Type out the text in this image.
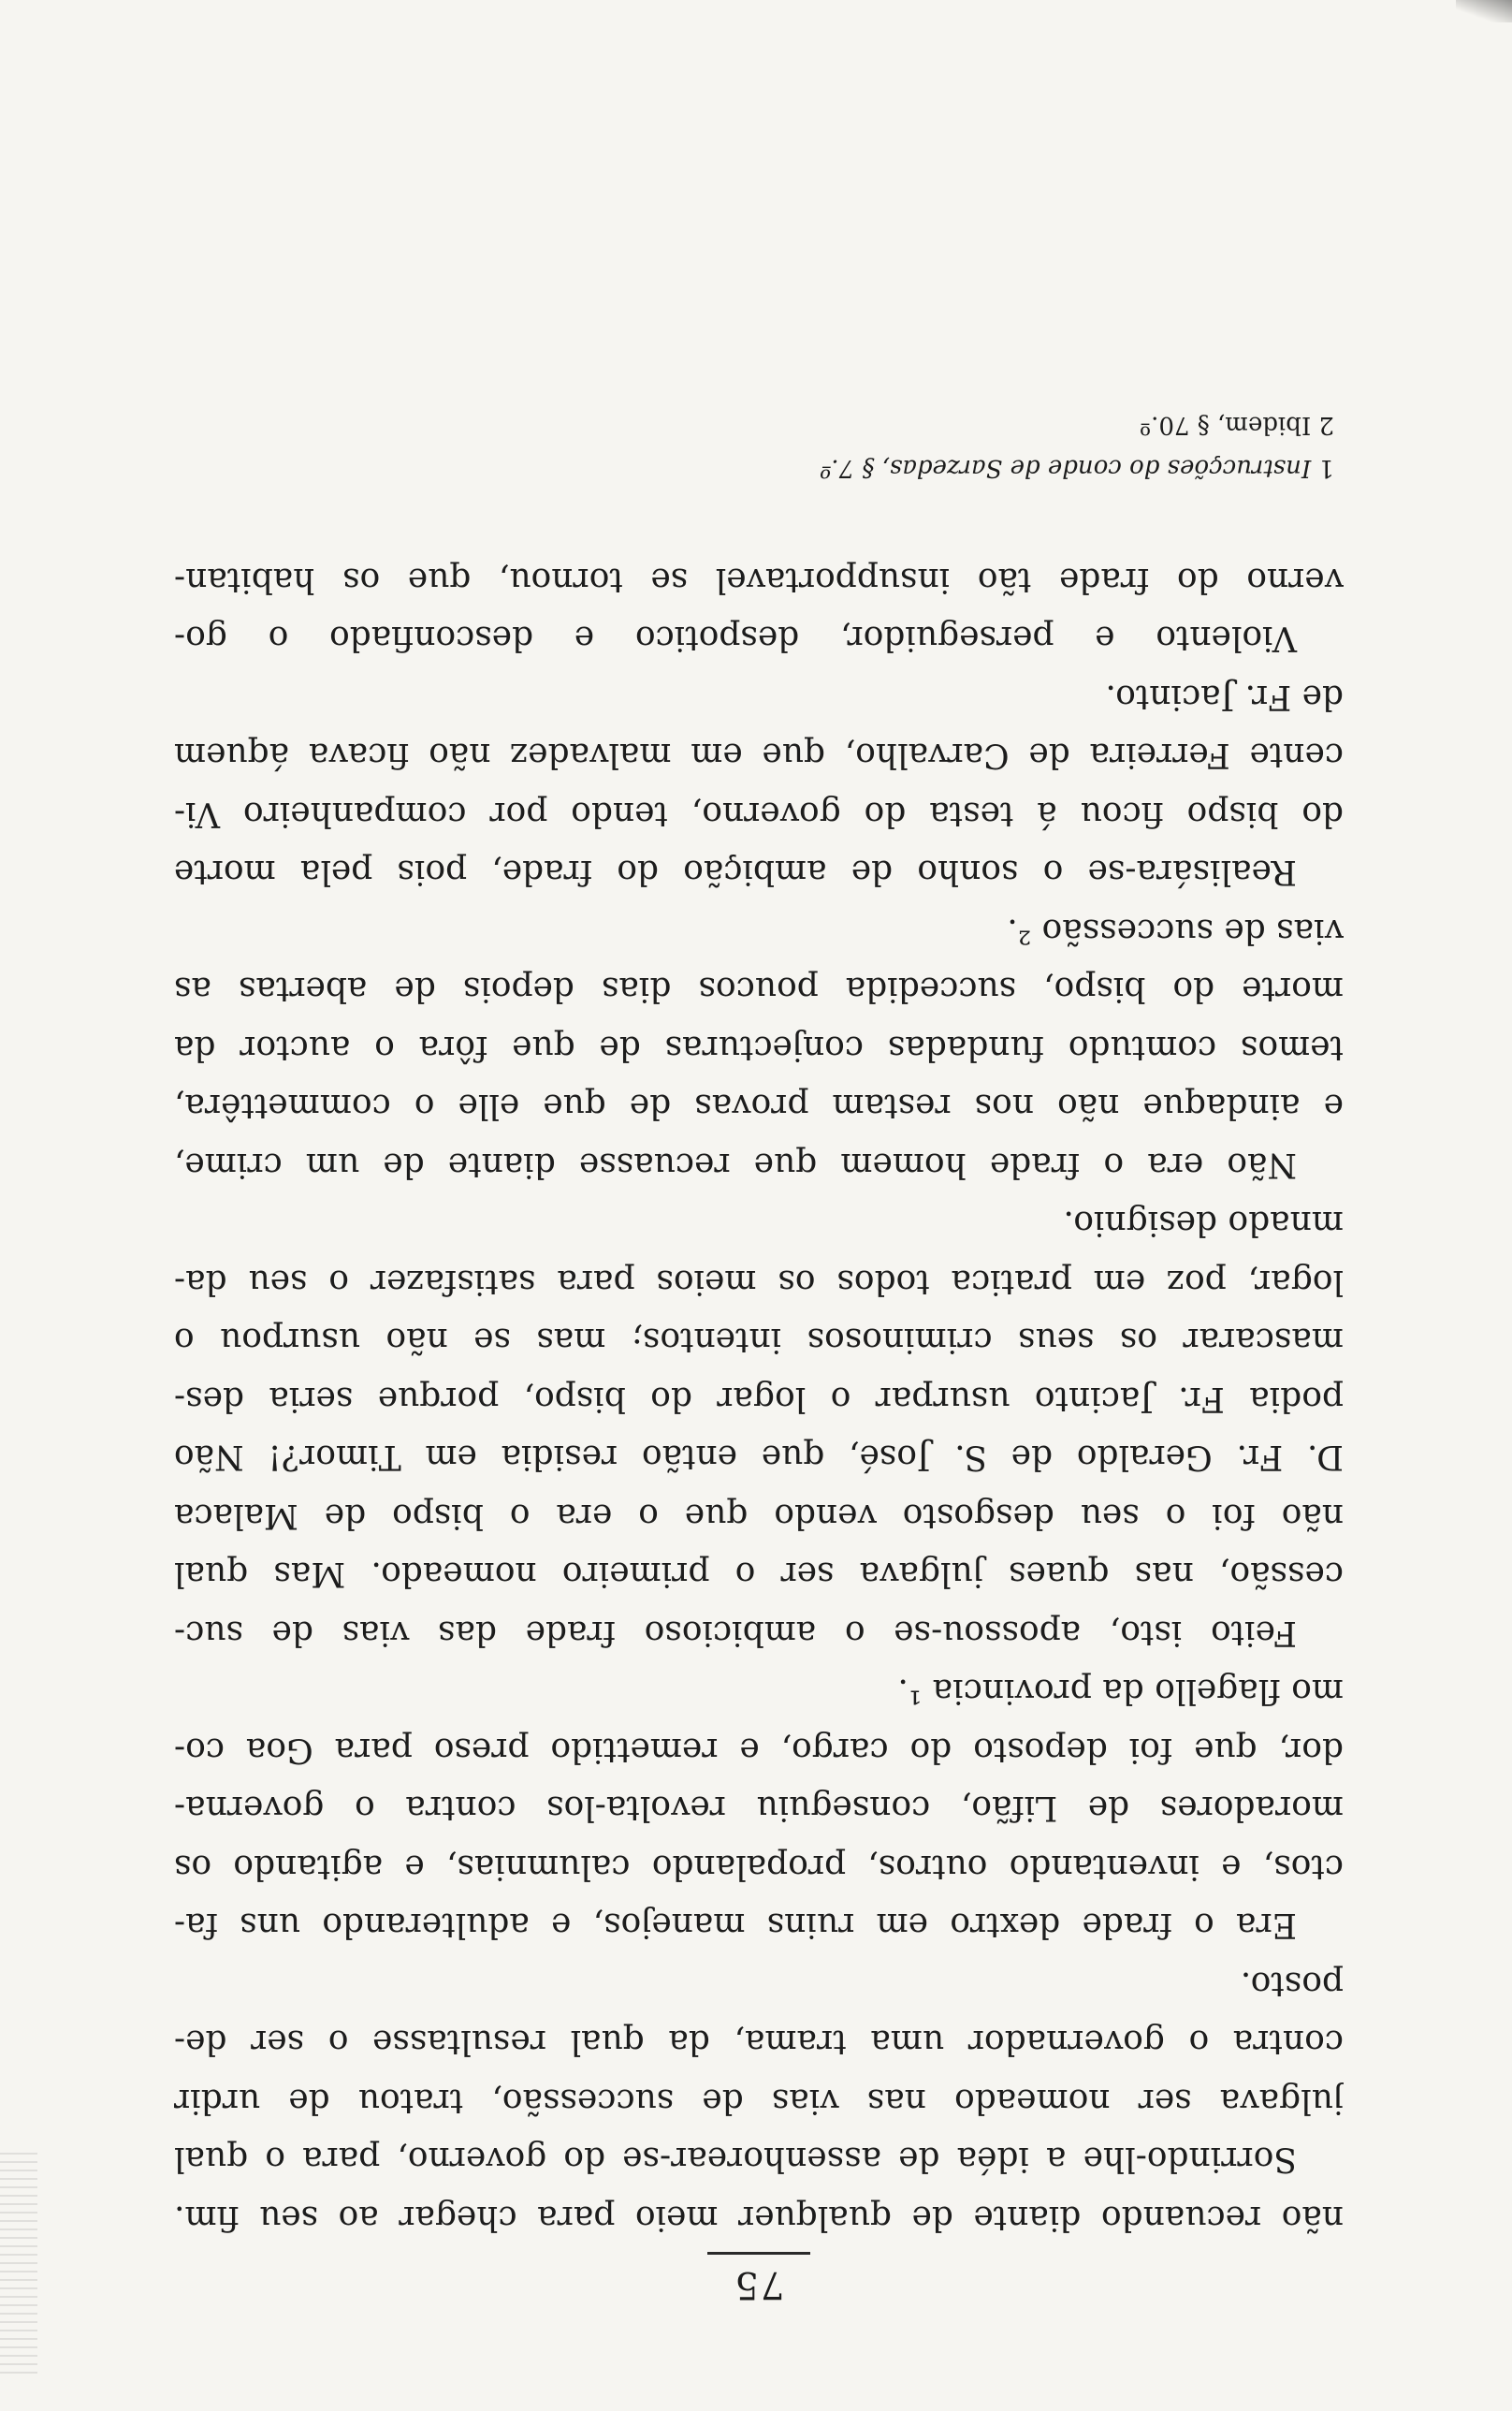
75
não recuando diante de qualquer meio para chegar ao seu fim.
Sorrindo-lhe a idéa de assenhorear-se do governo, para o qual
julgava ser nomeado nas vias de successão, tratou de urdir
contra o governador uma trama, da qual resultasse o ser de-
posto.
Era o frade dextro em ruins manejos, e adulterando uns fa-
ctos, e inventando outros, propalando calumnias, e agitando os
moradores de Lifão, conseguiu revolta-los contra o governa-
dor, que foi deposto do cargo, e remettido preso para Goa co-
mo flagello da provincia ¹.
Feito isto, apossou-se o ambicioso frade das vias de suc-
cessão, nas quaes julgava ser o primeiro nomeado. Mas qual
não foi o seu desgosto vendo que o era o bispo de Malaca
D. Fr. Geraldo de S. José, que então residia em Timor?! Não
podia Fr. Jacinto usurpar o logar do bispo, porque seria des-
mascarar os seus criminosos intentos; mas se não usurpou o
logar, poz em pratica todos os meios para satisfazer o seu da-
mnado designio.
Não era o frade homem que recuasse diante de um crime,
e aindaque não nos restam provas de que elle o commettêra,
temos comtudo fundadas conjecturas de que fôra o auctor da
morte do bispo, succedida poucos dias depois de abertas as
vias de successão ².
Realisára-se o sonho de ambição do frade, pois pela morte
do bispo ficou á testa do governo, tendo por companheiro Vi-
cente Ferreira de Carvalho, que em malvadez não ficava áquem
de Fr. Jacinto.
Violento e perseguidor, despotico e desconfiado o go-
verno do frade tão insupportavel se tornou, que os habitan-
1 Instrucções do conde de Sarzedas, § 7.º
2 Ibidem, § 70.º
